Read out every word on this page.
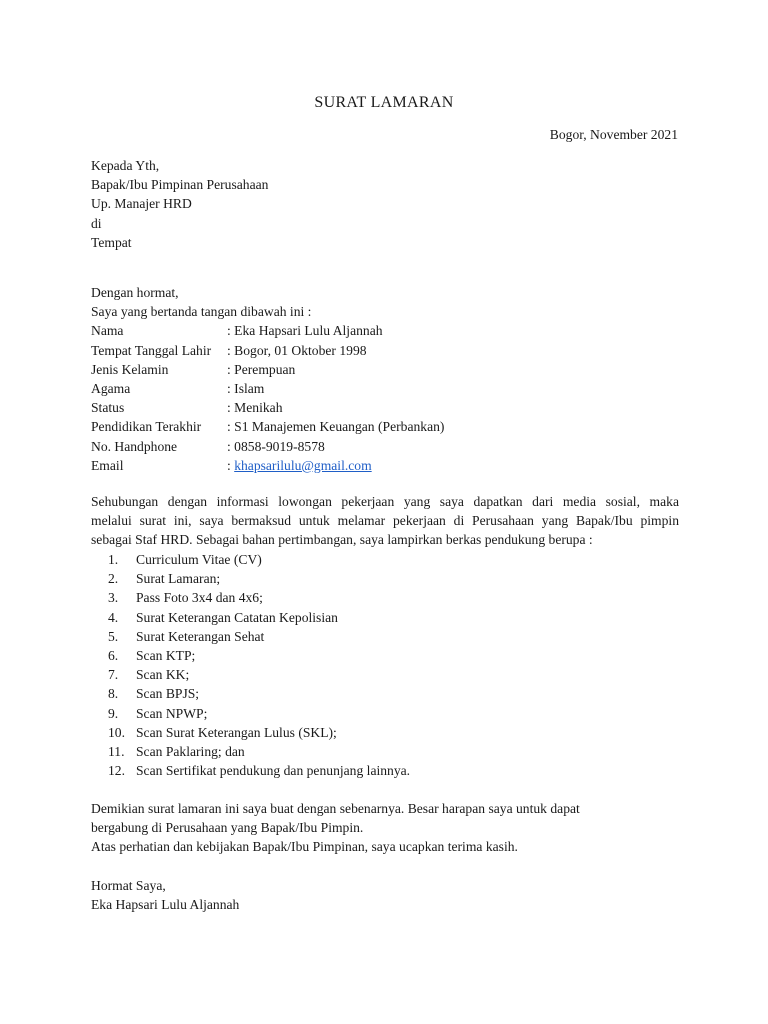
SURAT LAMARAN
Bogor, November 2021
Kepada Yth,
Bapak/Ibu Pimpinan Perusahaan
Up. Manajer HRD
di
Tempat
Dengan hormat,
Saya yang bertanda tangan dibawah ini :
Nama	: Eka Hapsari Lulu Aljannah
Tempat Tanggal Lahir	: Bogor, 01 Oktober 1998
Jenis Kelamin	: Perempuan
Agama	: Islam
Status	: Menikah
Pendidikan Terakhir	: S1 Manajemen Keuangan (Perbankan)
No. Handphone	: 0858-9019-8578
Email	: khapsarilulu@gmail.com
Sehubungan dengan informasi lowongan pekerjaan yang saya dapatkan dari media sosial, maka
melalui surat ini, saya bermaksud untuk melamar pekerjaan di Perusahaan yang Bapak/Ibu pimpin
sebagai Staf HRD. Sebagai bahan pertimbangan, saya lampirkan berkas pendukung berupa :
1.	Curriculum Vitae (CV)
2.	Surat Lamaran;
3.	Pass Foto 3x4 dan 4x6;
4.	Surat Keterangan Catatan Kepolisian
5.	Surat Keterangan Sehat
6.	Scan KTP;
7.	Scan KK;
8.	Scan BPJS;
9.	Scan NPWP;
10. Scan Surat Keterangan Lulus (SKL);
11. Scan Paklaring; dan
12. Scan Sertifikat pendukung dan penunjang lainnya.
Demikian surat lamaran ini saya buat dengan sebenarnya. Besar harapan saya untuk dapat
bergabung di Perusahaan yang Bapak/Ibu Pimpin.
Atas perhatian dan kebijakan Bapak/Ibu Pimpinan, saya ucapkan terima kasih.
Hormat Saya,
Eka Hapsari Lulu Aljannah
